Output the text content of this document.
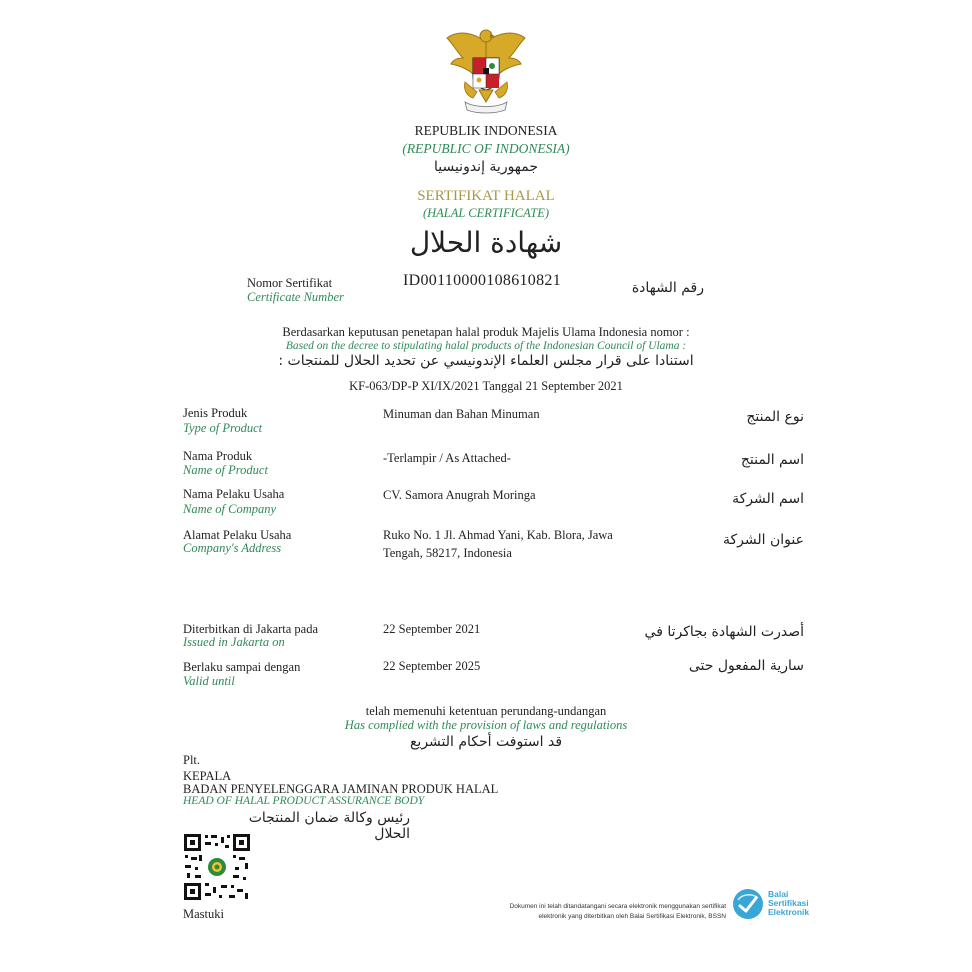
REPUBLIK INDONESIA
(REPUBLIC OF INDONESIA)
جمهورية إندونيسيا
SERTIFIKAT HALAL
(HALAL CERTIFICATE)
شهادة الحلال
Nomor Sertifikat
Certificate Number
ID00110000108610821	رقم الشهادة
Berdasarkan keputusan penetapan halal produk Majelis Ulama Indonesia nomor :
Based on the decree to stipulating halal products of the Indonesian Council of Ulama :
استنادا على قرار مجلس العلماء الإندونيسي عن تحديد الحلال للمنتجات :
KF-063/DP-P XI/IX/2021 Tanggal 21 September 2021
Jenis Produk
Type of Product
Minuman dan Bahan Minuman	نوع المنتج
Nama Produk
Name of Product
-Terlampir / As Attached-	اسم المنتج
Nama Pelaku Usaha
Name of Company
CV. Samora Anugrah Moringa	اسم الشركة
Alamat Pelaku Usaha
Company's Address
Ruko No. 1 Jl. Ahmad Yani, Kab. Blora, Jawa Tengah, 58217, Indonesia
عنوان الشركة
Diterbitkan di Jakarta pada
Issued in Jakarta on
22 September 2021	أصدرت الشهادة بجاكرتا في
Berlaku sampai dengan
Valid until
22 September 2025	سارية المفعول حتى
telah memenuhi ketentuan perundang-undangan
Has complied with the provision of laws and regulations
قد استوفت أحكام التشريع
Plt.
KEPALA
BADAN PENYELENGGARA JAMINAN PRODUK HALAL
HEAD OF HALAL PRODUCT ASSURANCE BODY
رئيس وكالة ضمان المنتجات الحلال
Mastuki
Dokumen ini telah ditandatangani secara elektronik menggunakan sertifikat
elektronik yang diterbitkan oleh Balai Sertifikasi Elektronik, BSSN
Balai
Sertifikasi
Elektronik
